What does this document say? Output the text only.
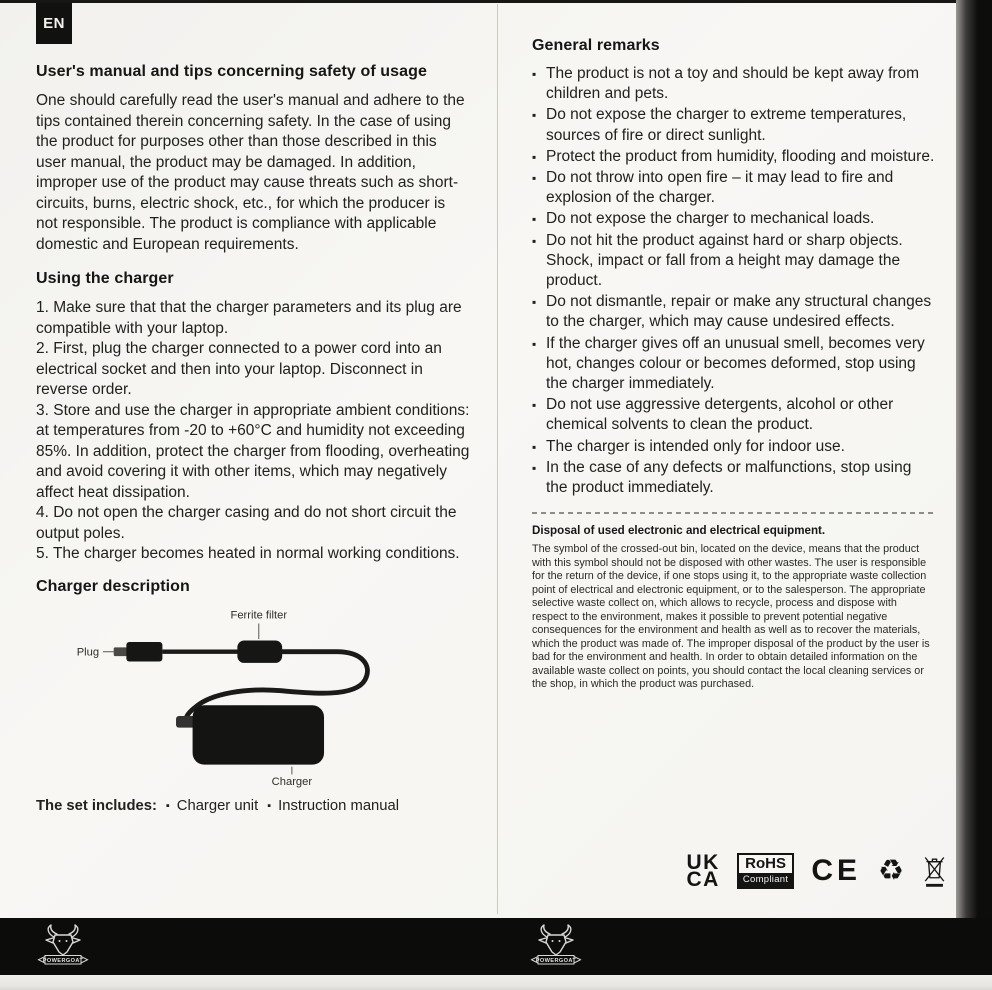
EN
User's manual and tips concerning safety of usage

One should carefully read the user's manual and adhere to the tips contained therein concerning safety. In the case of using the product for purposes other than those described in this user manual, the product may be damaged. In addition, improper use of the product may cause threats such as short-circuits, burns, electric shock, etc., for which the producer is not responsible. The product is compliance with applicable domestic and European requirements.

Using the charger

1. Make sure that that the charger parameters and its plug are compatible with your laptop.

2. First, plug the charger connected to a power cord into an electrical socket and then into your laptop. Disconnect in reverse order.

3. Store and use the charger in appropriate ambient conditions: at temperatures from -20 to +60°C and humidity not exceeding 85%. In addition, protect the charger from flooding, overheating and avoid covering it with other items, which may negatively affect heat dissipation.

4. Do not open the charger casing and do not short circuit the output poles.

5. The charger becomes heated in normal working conditions.

Charger description
Ferrite filter
Plug
Charger

The set includes: ▪ Charger unit ▪ Instruction manual

General remarks
▪ The product is not a toy and should be kept away from children and pets.
▪ Do not expose the charger to extreme temperatures, sources of fire or direct sunlight.
▪ Protect the product from humidity, flooding and moisture.
▪ Do not throw into open fire – it may lead to fire and explosion of the charger.
▪ Do not expose the charger to mechanical loads.
▪ Do not hit the product against hard or sharp objects. Shock, impact or fall from a height may damage the product.
▪ Do not dismantle, repair or make any structural changes to the charger, which may cause undesired effects.
▪ If the charger gives off an unusual smell, becomes very hot, changes colour or becomes deformed, stop using the charger immediately.
▪ Do not use aggressive detergents, alcohol or other chemical solvents to clean the product.
▪ The charger is intended only for indoor use.
▪ In the case of any defects or malfunctions, stop using the product immediately.
Disposal of used electronic and electrical equipment.

The symbol of the crossed-out bin, located on the device, means that the product with this symbol should not be disposed with other wastes. The user is responsible for the return of the device, if one stops using it, to the appropriate waste collection point of electrical and electronic equipment, or to the salesperson. The appropriate selective waste collect on, which allows to recycle, process and dispose with respect to the environment, makes it possible to prevent potential negative consequences for the environment and health as well as to recover the materials, which the product was made of. The improper disposal of the product by the user is bad for the environment and health. In order to obtain detailed information on the available waste collect on points, you should contact the local cleaning services or the shop, in which the product was purchased.

UK
CA
RoHS
Compliant CE ♻
POWERGOAT	POWERGOAT
